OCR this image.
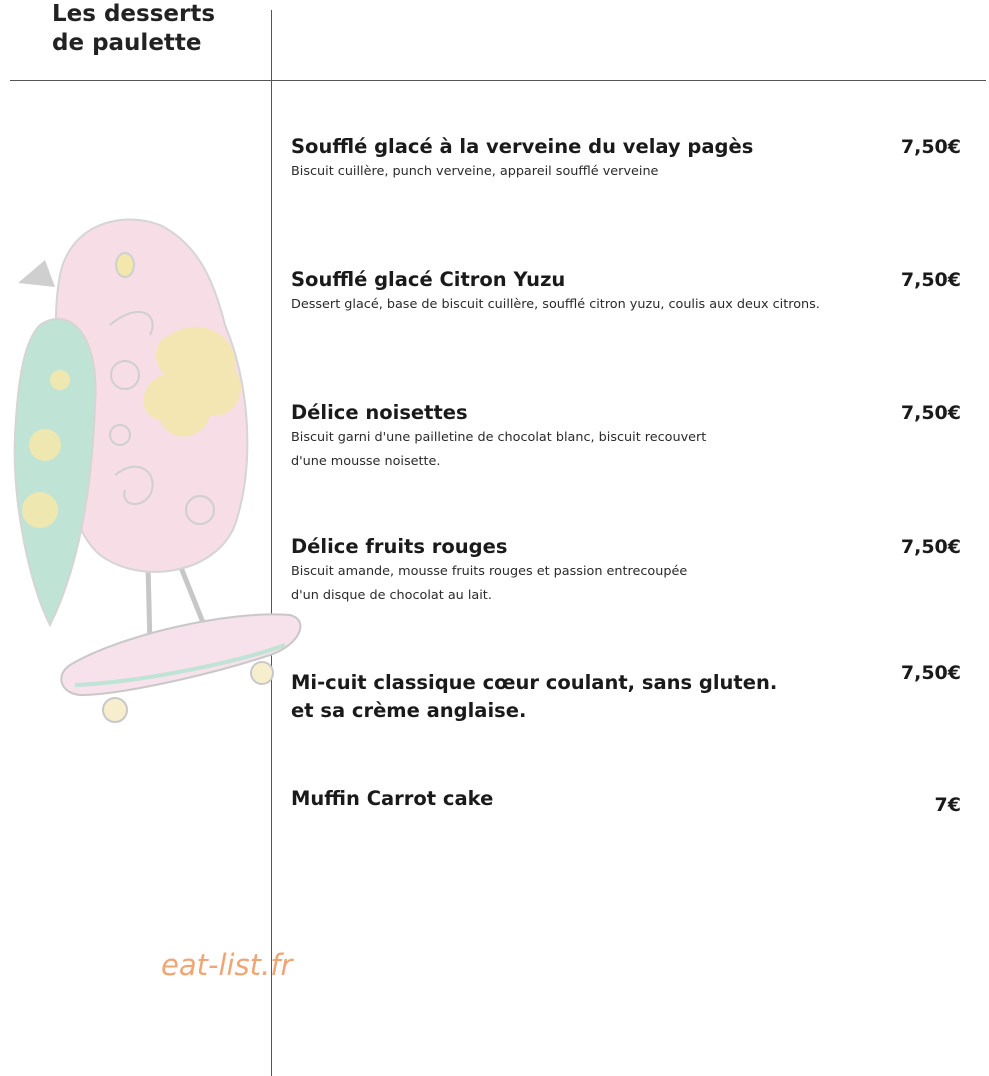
Les desserts
de paulette

Soufflé glacé à la verveine du velay pagès

Biscuit cuillère, punch verveine, appareil soufflé verveine

7,50€

Soufflé glacé Citron Yuzu

Dessert glacé, base de biscuit cuillère, soufflé citron yuzu, coulis aux deux citrons.

7,50€

Délice noisettes

Biscuit garni d'une pailletine de chocolat blanc, biscuit recouvert

d'une mousse noisette.

7,50€

Délice fruits rouges

Biscuit amande, mousse fruits rouges et passion entrecoupée

d'un disque de chocolat au lait.

7,50€

Mi-cuit classique cœur coulant, sans gluten.

et sa crème anglaise.

7,50€

Muffin Carrot cake	7€
eat-list.fr
